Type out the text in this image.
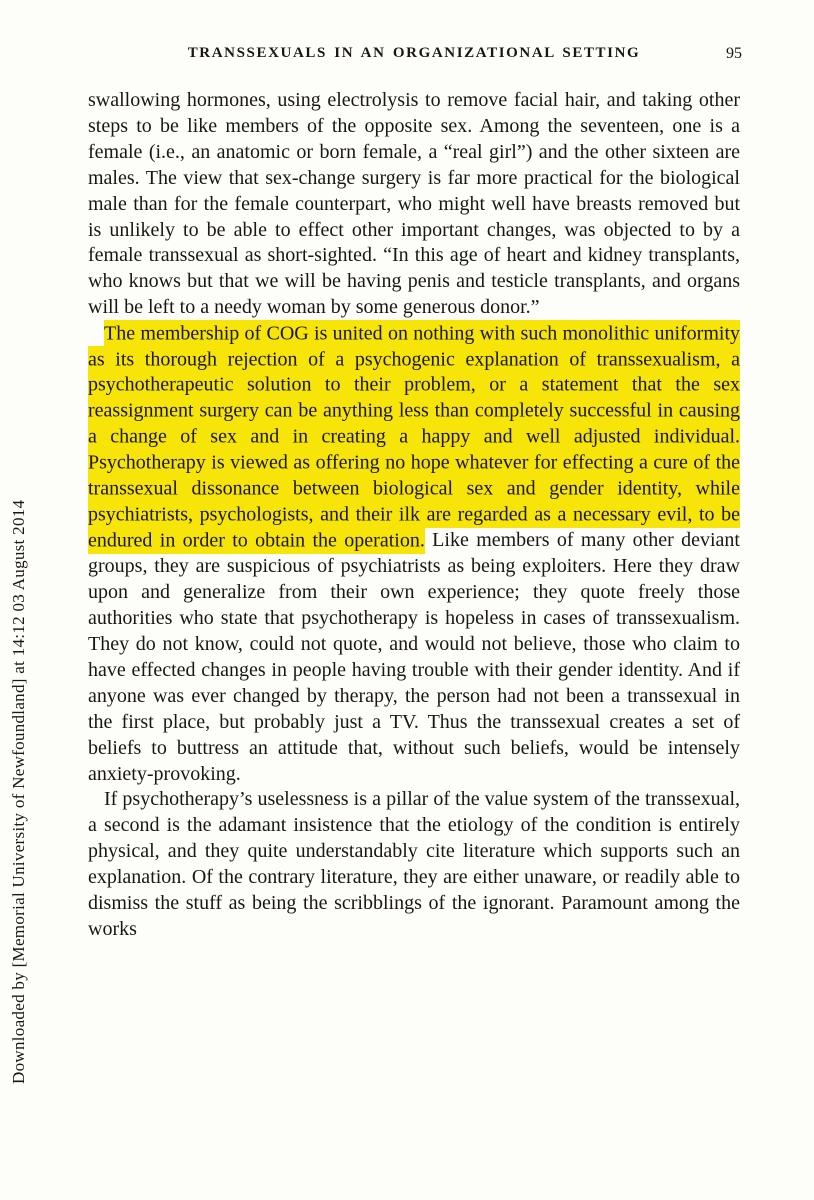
Downloaded by [Memorial University of Newfoundland] at 14:12 03 August 2014
TRANSSEXUALS IN AN ORGANIZATIONAL SETTING	95

swallowing hormones, using electrolysis to remove facial hair, and taking other steps to be like members of the opposite sex. Among the seventeen, one is a female (i.e., an anatomic or born female, a “real girl”) and the other sixteen are males. The view that sex-change surgery is far more practical for the biological male than for the female counterpart, who might well have breasts removed but is unlikely to be able to effect other important changes, was objected to by a female transsexual as short-sighted. “In this age of heart and kidney transplants, who knows but that we will be having penis and testicle transplants, and organs will be left to a needy woman by some generous donor.”

The membership of COG is united on nothing with such monolithic uniformity as its thorough rejection of a psychogenic explanation of transsexualism, a psychotherapeutic solution to their problem, or a statement that the sex reassignment surgery can be anything less than completely successful in causing a change of sex and in creating a happy and well adjusted individual. Psychotherapy is viewed as offering no hope whatever for effecting a cure of the transsexual dissonance between biological sex and gender identity, while psychiatrists, psychologists, and their ilk are regarded as a necessary evil, to be endured in order to obtain the operation. Like members of many other deviant groups, they are suspicious of psychiatrists as being exploiters. Here they draw upon and generalize from their own experience; they quote freely those authorities who state that psychotherapy is hopeless in cases of transsexualism. They do not know, could not quote, and would not believe, those who claim to have effected changes in people having trouble with their gender identity. And if anyone was ever changed by therapy, the person had not been a transsexual in the first place, but probably just a TV. Thus the transsexual creates a set of beliefs to buttress an attitude that, without such beliefs, would be intensely anxiety-provoking.

If psychotherapy’s uselessness is a pillar of the value system of the transsexual, a second is the adamant insistence that the etiology of the condition is entirely physical, and they quite understandably cite literature which supports such an explanation. Of the contrary literature, they are either unaware, or readily able to dismiss the stuff as being the scribblings of the ignorant. Paramount among the works
